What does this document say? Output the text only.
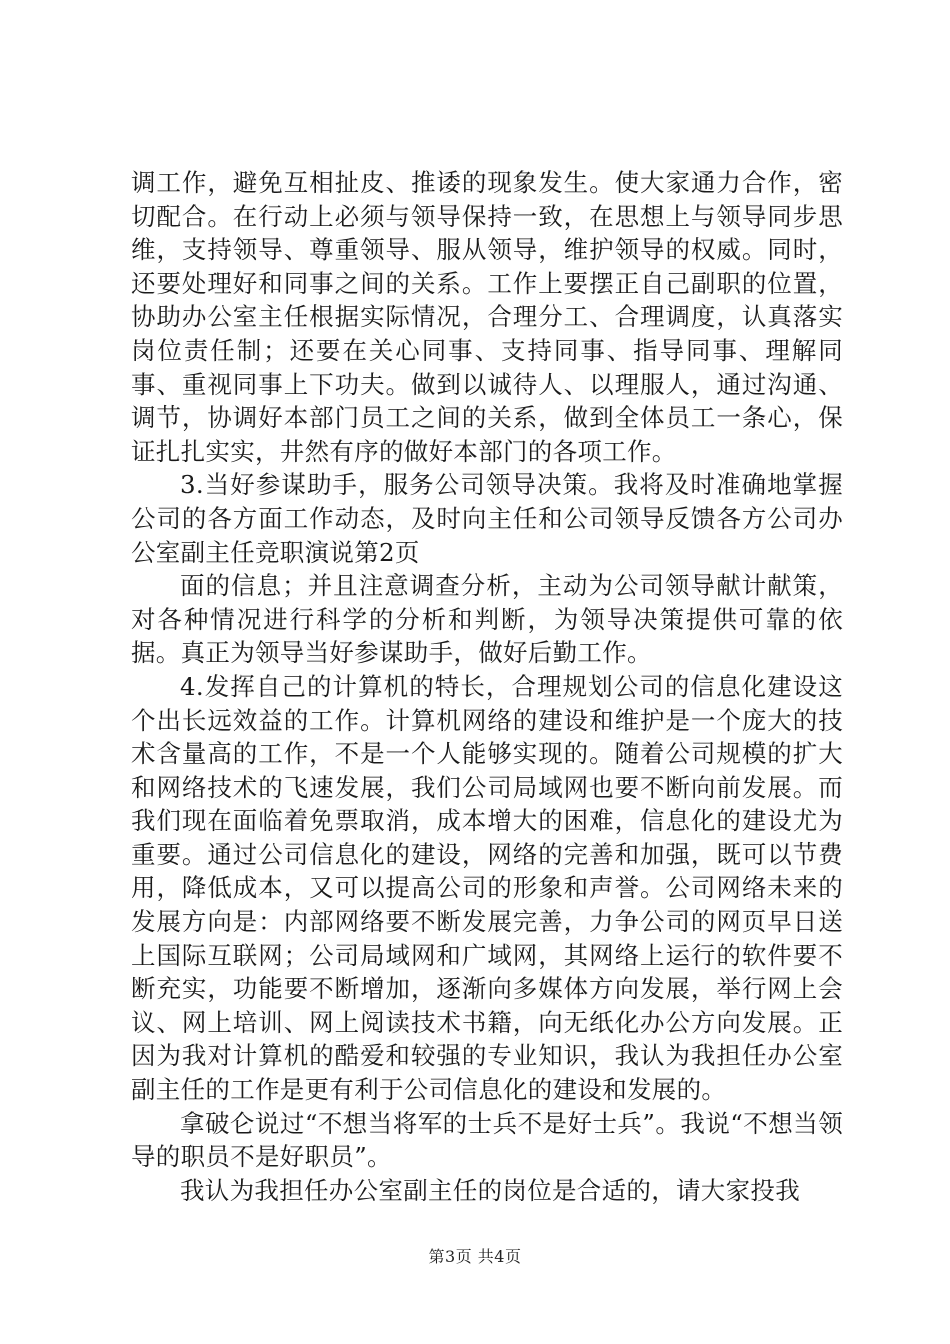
调工作，避免互相扯皮、推诿的现象发生。使大家通力合作，密切配合。在行动上必须与领导保持一致，在思想上与领导同步思维，支持领导、尊重领导、服从领导，维护领导的权威。同时，还要处理好和同事之间的关系。工作上要摆正自己副职的位置，协助办公室主任根据实际情况，合理分工、合理调度，认真落实岗位责任制；还要在关心同事、支持同事、指导同事、理解同事、重视同事上下功夫。做到以诚待人、以理服人，通过沟通、调节，协调好本部门员工之间的关系，做到全体员工一条心，保证扎扎实实，井然有序的做好本部门的各项工作。

3.当好参谋助手，服务公司领导决策。我将及时准确地掌握公司的各方面工作动态，及时向主任和公司领导反馈各方公司办公室副主任竞职演说第2页

面的信息；并且注意调查分析，主动为公司领导献计献策，对各种情况进行科学的分析和判断，为领导决策提供可靠的依据。真正为领导当好参谋助手，做好后勤工作。

4.发挥自己的计算机的特长，合理规划公司的信息化建设这个出长远效益的工作。计算机网络的建设和维护是一个庞大的技术含量高的工作，不是一个人能够实现的。随着公司规模的扩大和网络技术的飞速发展，我们公司局域网也要不断向前发展。而我们现在面临着免票取消，成本增大的困难，信息化的建设尤为重要。通过公司信息化的建设，网络的完善和加强，既可以节费用，降低成本，又可以提高公司的形象和声誉。公司网络未来的发展方向是：内部网络要不断发展完善，力争公司的网页早日送上国际互联网；公司局域网和广域网，其网络上运行的软件要不断充实，功能要不断增加，逐渐向多媒体方向发展，举行网上会议、网上培训、网上阅读技术书籍，向无纸化办公方向发展。正因为我对计算机的酷爱和较强的专业知识，我认为我担任办公室副主任的工作是更有利于公司信息化的建设和发展的。

拿破仑说过“不想当将军的士兵不是好士兵”。我说“不想当领导的职员不是好职员”。

我认为我担任办公室副主任的岗位是合适的，请大家投我

第3页 共4页
